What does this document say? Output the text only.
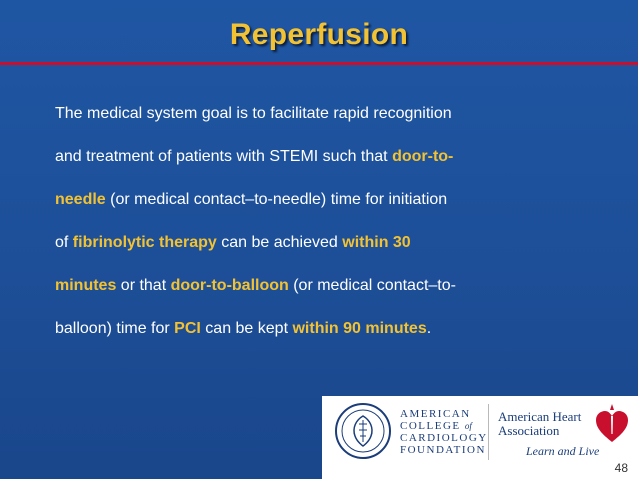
Reperfusion
The medical system goal is to facilitate rapid recognition
and treatment of patients with STEMI such that door-to-
needle (or medical contact–to-needle) time for initiation
of fibrinolytic therapy can be achieved within 30
minutes or that door-to-balloon (or medical contact–to-
balloon) time for PCI can be kept within 90 minutes.
AMERICAN
COLLEGE of
CARDIOLOGY
FOUNDATION
American Heart
Association
Learn and Live
48
